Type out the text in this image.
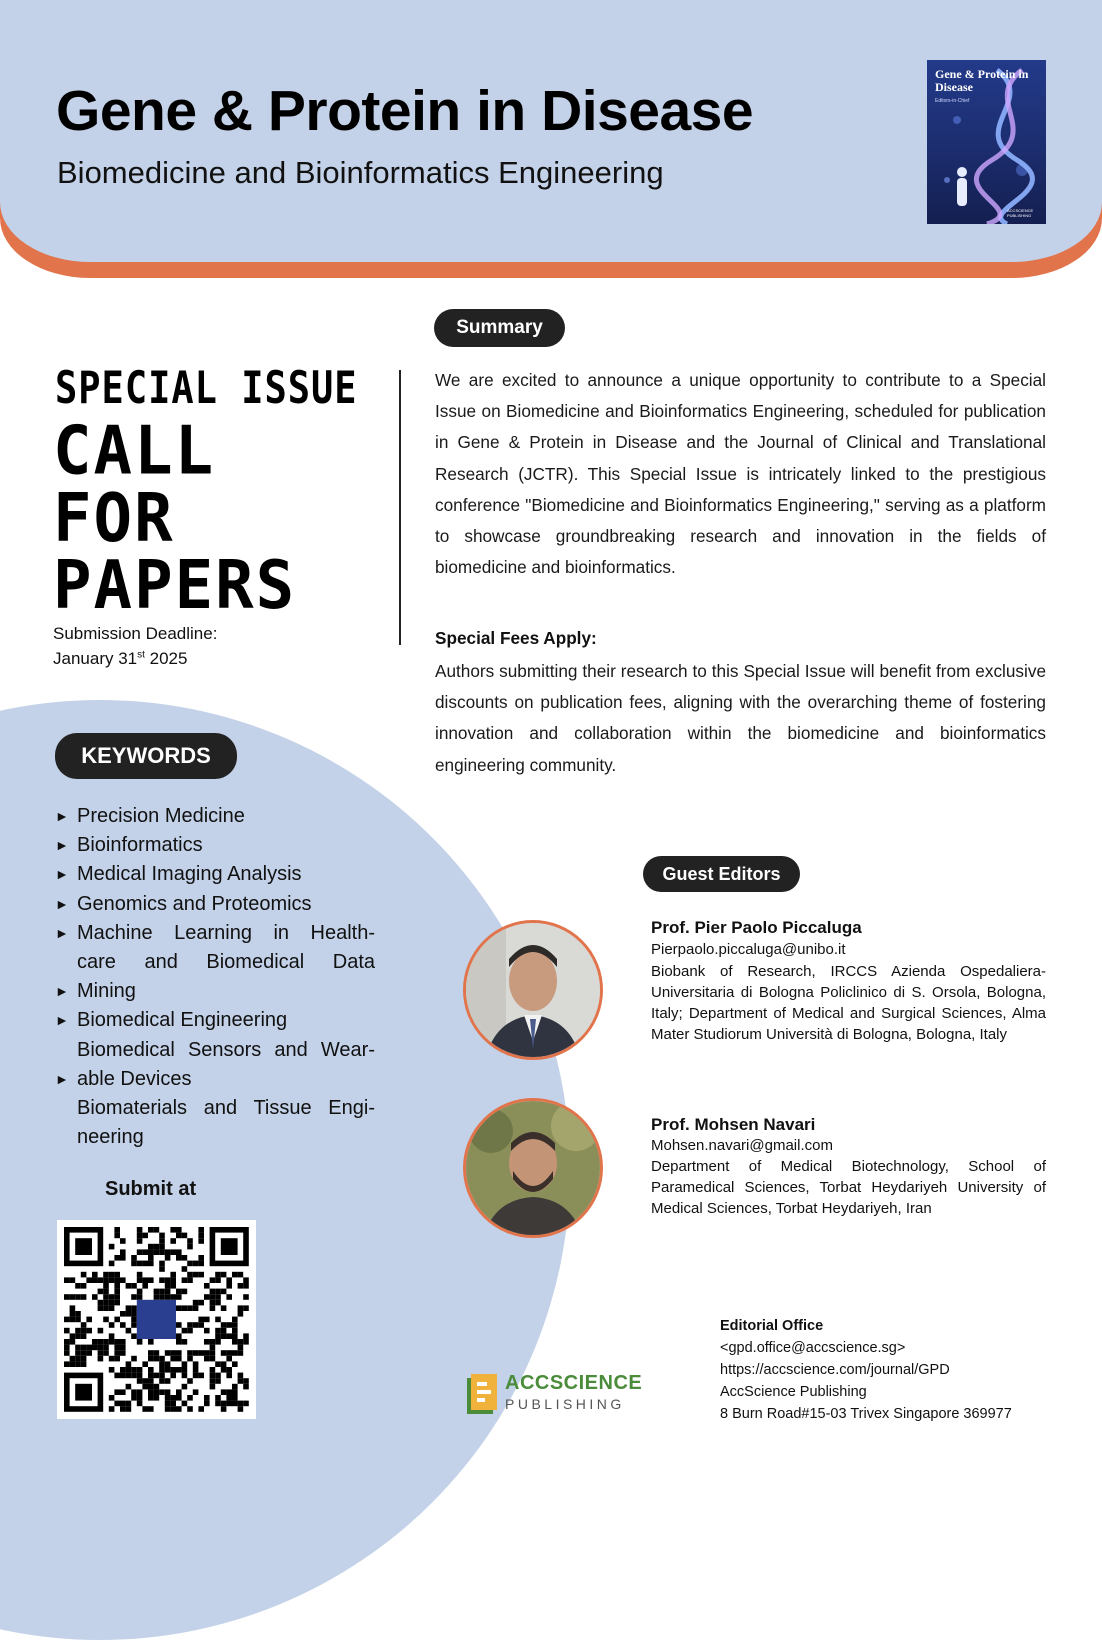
Gene & Protein in Disease
Biomedicine and Bioinformatics Engineering
Gene & Protein in Disease
Editors-in-Chief
ACCSCIENCE PUBLISHING
SPECIAL ISSUE
CALL
FOR
PAPERS
Submission Deadline:
January 31st 2025
Summary

We are excited to announce a unique opportunity to contribute to a Special Issue on Biomedicine and Bioinformatics Engineering, scheduled for publication in Gene & Protein in Disease and the Journal of Clinical and Translational Research (JCTR). This Special Issue is intricately linked to the prestigious conference "Biomedicine and Bioinformatics Engineering," serving as a platform to showcase groundbreaking research and innovation in the fields of biomedicine and bioinformatics.

Special Fees Apply:

Authors submitting their research to this Special Issue will benefit from exclusive discounts on publication fees, aligning with the overarching theme of fostering innovation and collaboration within the biomedicine and bioinformatics engineering community.

KEYWORDS
► Precision Medicine
► Bioinformatics
► Medical Imaging Analysis
► Genomics and Proteomics
► Machine Learning in Health-
care and Biomedical Data
► Mining
► Biomedical Engineering
Biomedical Sensors and Wear-
► able Devices
Biomaterials and Tissue Engi-
neering
Submit at
Guest Editors
Prof. Pier Paolo Piccaluga
Pierpaolo.piccaluga@unibo.it

Biobank of Research, IRCCS Azienda Ospedaliera-Universitaria di Bologna Policlinico di S. Orsola, Bologna, Italy; Department of Medical and Surgical Sciences, Alma Mater Studiorum Università di Bologna, Bologna, Italy

Prof. Mohsen Navari
Mohsen.navari@gmail.com

Department of Medical Biotechnology, School of Paramedical Sciences, Torbat Heydariyeh University of Medical Sciences, Torbat Heydariyeh, Iran

ACCSCIENCE
PUBLISHING
Editorial Office
<gpd.office@accscience.sg>
https://accscience.com/journal/GPD
AccScience Publishing
8 Burn Road#15-03 Trivex Singapore 369977
